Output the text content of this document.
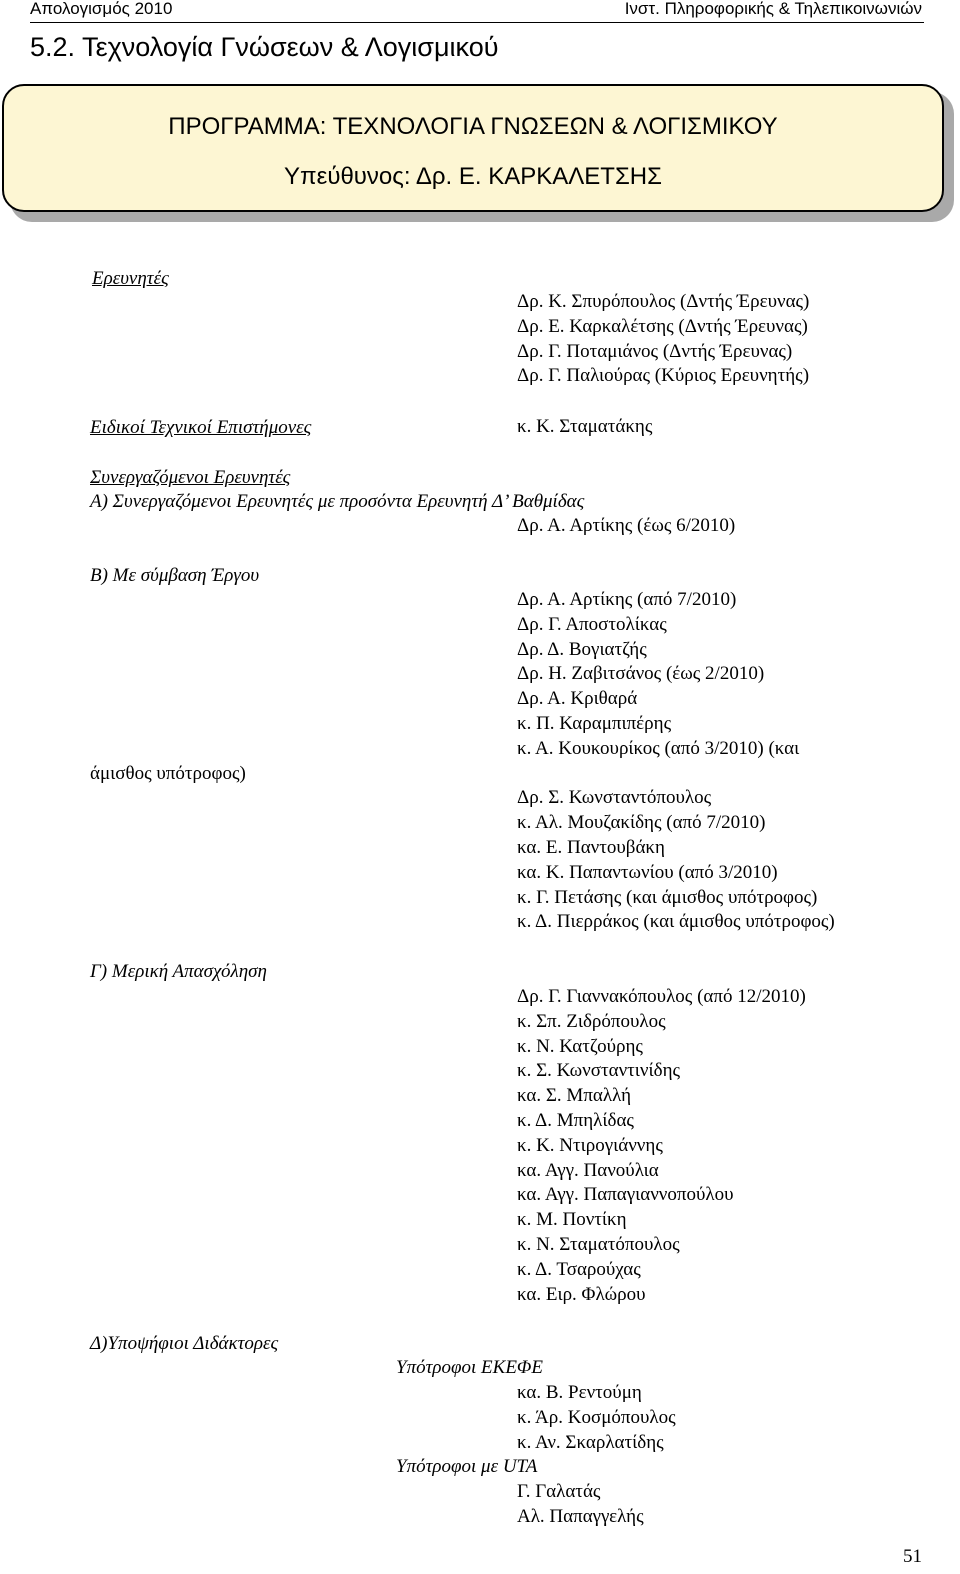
Απολογισμός 2010	Ινστ. Πληροφορικής & Τηλεπικοινωνιών
5.2. Τεχνολογία Γνώσεων & Λογισμικού
ΠΡΟΓΡΑΜΜΑ: ΤΕΧΝΟΛΟΓΙΑ ΓΝΩΣΕΩΝ & ΛΟΓΙΣΜΙΚΟΥ
Υπεύθυνος: Δρ. Ε. ΚΑΡΚΑΛΕΤΣΗΣ
Ερευνητές
Δρ. Κ. Σπυρόπουλος (Δντής Έρευνας)
Δρ. Ε. Καρκαλέτσης (Δντής Έρευνας)
Δρ. Γ. Ποταμιάνος (Δντής Έρευνας)
Δρ. Γ. Παλιούρας (Κύριος Ερευνητής)
Ειδικοί Τεχνικοί Επιστήμονες	κ. Κ. Σταματάκης
Συνεργαζόμενοι Ερευνητές
Α) Συνεργαζόμενοι Ερευνητές με προσόντα Ερευνητή Δ’ Βαθμίδας
Δρ. Α. Αρτίκης (έως 6/2010)
Β) Με σύμβαση Έργου
Δρ. Α. Αρτίκης (από 7/2010)
Δρ. Γ. Αποστολίκας
Δρ. Δ. Βογιατζής
Δρ. Η. Ζαβιτσάνος (έως 2/2010)
Δρ. Α. Κριθαρά
κ. Π. Καραμπιπέρης
κ. Α. Κουκουρίκος (από 3/2010) (και
Δρ. Σ. Κωνσταντόπουλος
κ. Αλ. Μουζακίδης (από 7/2010)
κα. Ε. Παντουβάκη
κα. Κ. Παπαντωνίου (από 3/2010)
κ. Γ. Πετάσης (και άμισθος υπότροφος)
κ. Δ. Πιερράκος (και άμισθος υπότροφος)
άμισθος υπότροφος)
Γ) Μερική Απασχόληση
Δρ. Γ. Γιαννακόπουλος (από 12/2010)
κ. Σπ. Ζιδρόπουλος
κ. Ν. Κατζούρης
κ. Σ. Κωνσταντινίδης
κα. Σ. Μπαλλή
κ. Δ. Μπηλίδας
κ. Κ. Ντιρογιάννης
κα. Αγγ. Πανούλια
κα. Αγγ. Παπαγιαννοπούλου
κ. Μ. Ποντίκη
κ. Ν. Σταματόπουλος
κ. Δ. Τσαρούχας
κα. Ειρ. Φλώρου
Δ)Υποψήφιοι Διδάκτορες
Υπότροφοι ΕΚΕΦΕ
κα. Β. Ρεντούμη
κ. Άρ. Κοσμόπουλος
κ. Αν. Σκαρλατίδης
Υπότροφοι με UTA
Γ. Γαλατάς
Αλ. Παπαγγελής
51
